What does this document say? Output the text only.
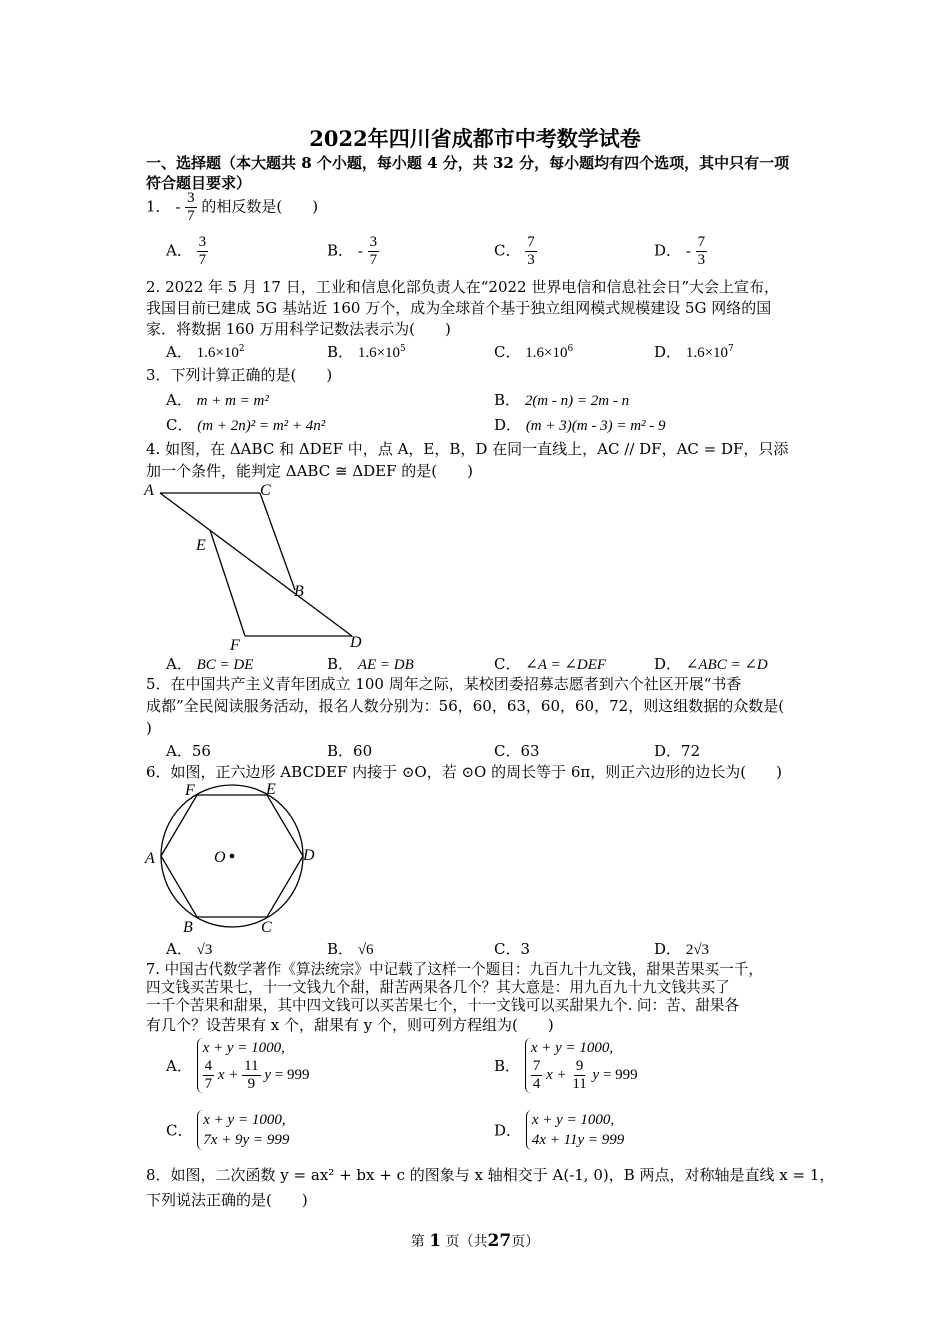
2022年四川省成都市中考数学试卷
一、选择题（本大题共 8 个小题，每小题 4 分，共 32 分，每小题均有四个选项，其中只有一项
符合题目要求）
1． - $\frac{3}{7}$ 的相反数是(　　)
A． $\frac{3}{7}$	B． - $\frac{3}{7}$	C． $\frac{7}{3}$	D． - $\frac{7}{3}$
2. 2022 年 5 月 17 日，工业和信息化部负责人在“2022 世界电信和信息社会日”大会上宣布，
我国目前已建成 5G 基站近 160 万个，成为全球首个基于独立组网模式规模建设 5G 网络的国
家．将数据 160 万用科学记数法表示为(　　)
A． $1.6\times 10^2$	B． $1.6\times 10^5$	C． $1.6\times 10^6$	D． $1.6\times 10^7$
3．下列计算正确的是(　　)
A． m + m = m²	B． 2(m - n) = 2m - n
C． (m + 2n)² = m² + 4n²	D． (m + 3)(m - 3) = m² - 9
4. 如图，在 ΔABC 和 ΔDEF 中，点 A，E，B，D 在同一直线上，AC // DF，AC = DF，只添
加一个条件，能判定 ΔABC ≅ ΔDEF 的是(　　)
A	C
E
B
F	D
A． BC = DE	B． AE = DB	C． ∠A = ∠DEF	D． ∠ABC = ∠D
5．在中国共产主义青年团成立 100 周年之际，某校团委招募志愿者到六个社区开展“书香
成都”全民阅读服务活动，报名人数分别为：56，60，63，60，60，72，则这组数据的众数是(
)
A．56	B．60	C．63	D．72
6．如图，正六边形 ABCDEF 内接于 ⊙O，若 ⊙O 的周长等于 6π，则正六边形的边长为(　　)
F	E
A	O	D
B	C
A． √3	B． √6	C．3	D． 2√3
7. 中国古代数学著作《算法统宗》中记载了这样一个题目：九百九十九文钱，甜果苦果买一千，
四文钱买苦果七，十一文钱九个甜，甜苦两果各几个？其大意是：用九百九十九文钱共买了
一千个苦果和甜果，其中四文钱可以买苦果七个，十一文钱可以买甜果九个. 问：苦、甜果各
有几个？设苦果有 x 个，甜果有 y 个，则可列方程组为(　　)
A．
x + y = 1000,
$\frac{4}{7}$ $x + \frac{11}{9}$ y = 999	B．
x + y = 1000,
$\frac{7}{4}$ $x + \frac{9}{11}$ y = 999
C．
x + y = 1000,
7x + 9y = 999
D．
x + y = 1000,
4x + 11y = 999
8．如图，二次函数 y = ax² + bx + c 的图象与 x 轴相交于 A(-1, 0)，B 两点，对称轴是直线 x = 1，
下列说法正确的是(　　)
第 1 页（共27页）
